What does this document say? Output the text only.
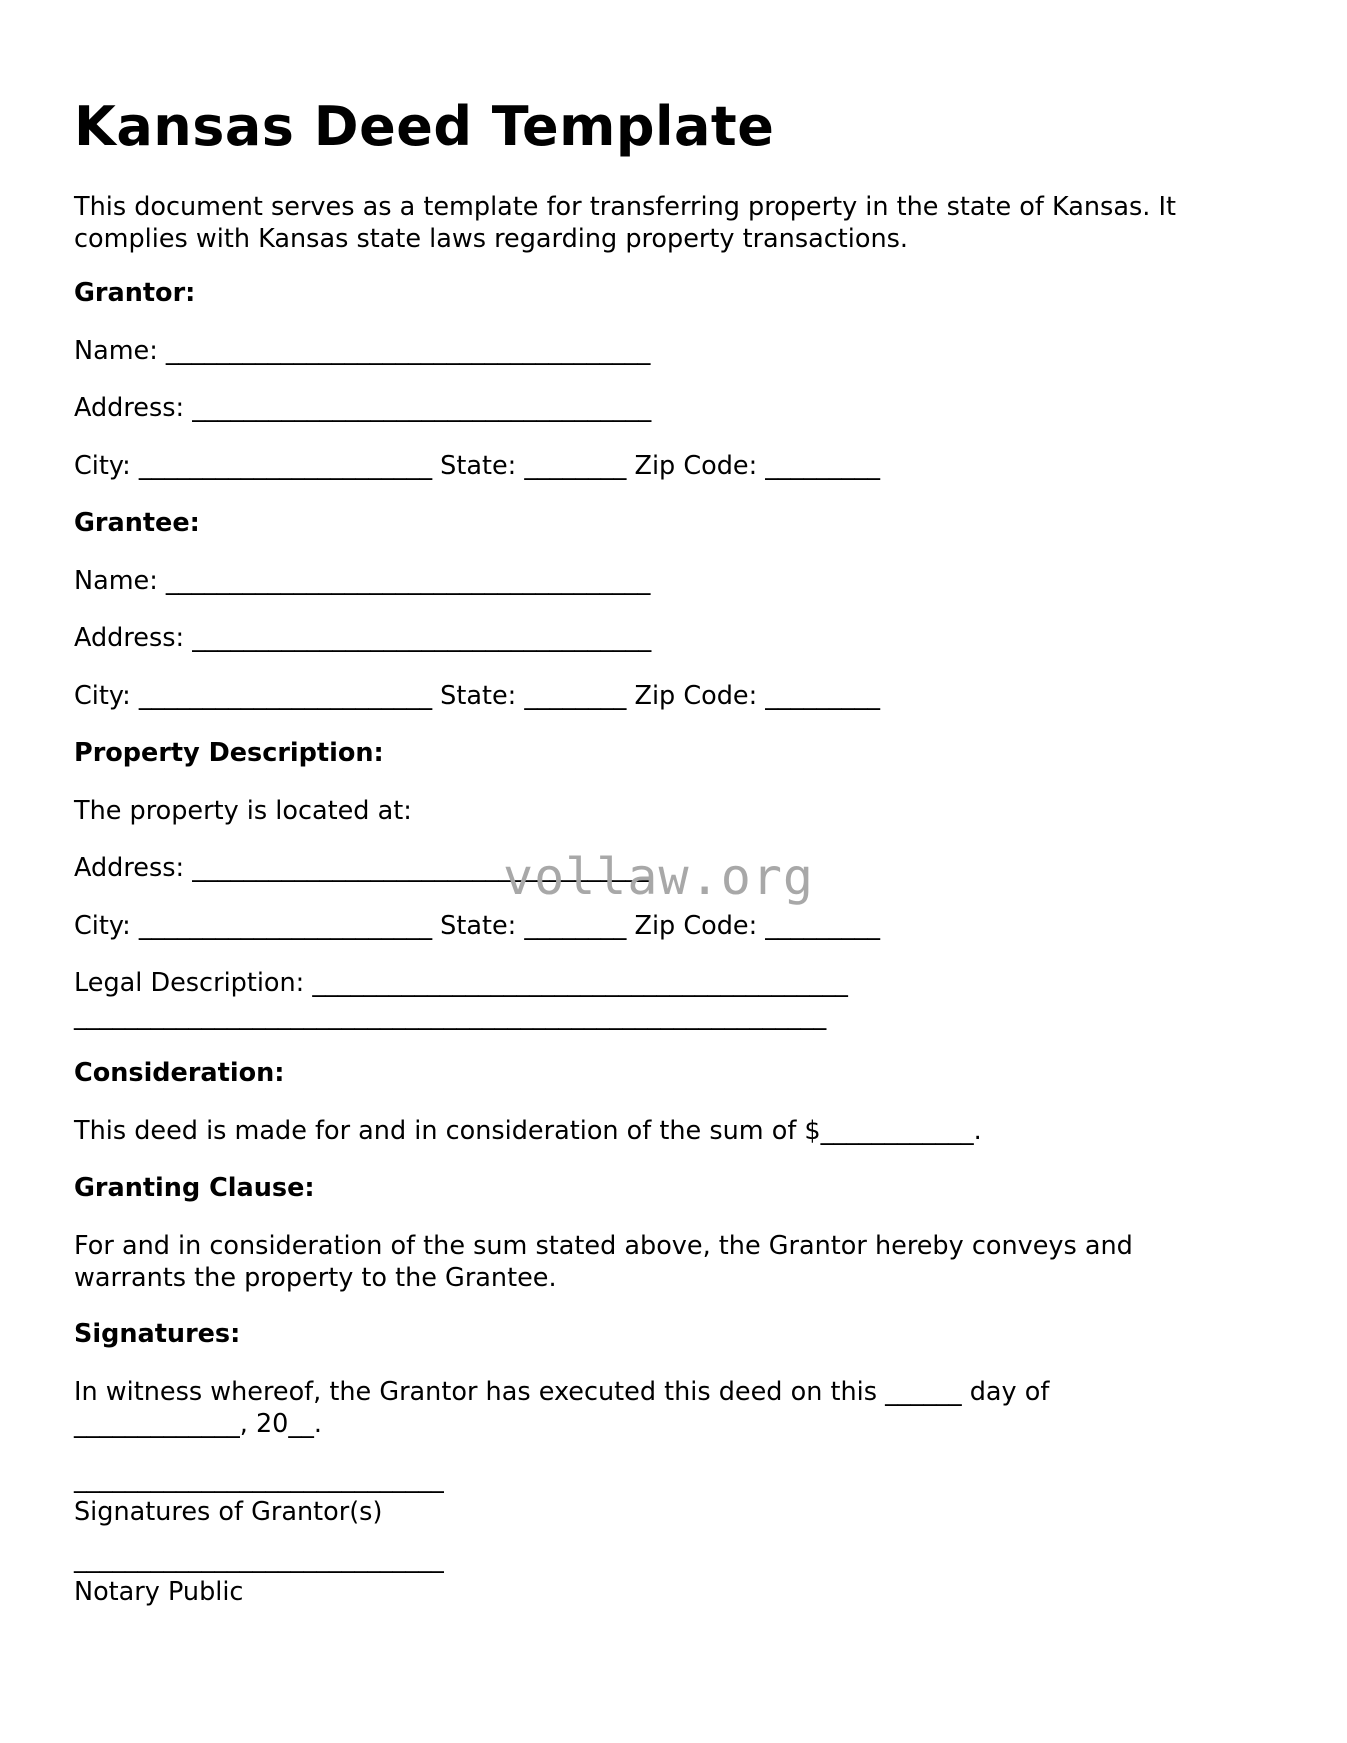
Kansas Deed Template
This document serves as a template for transferring property in the state of Kansas. It complies with Kansas state laws regarding property transactions.
Grantor:
Name: ______________________________________
Address: ____________________________________
City: _______________________ State: ________ Zip Code: _________
Grantee:
Name: ______________________________________
Address: ____________________________________
City: _______________________ State: ________ Zip Code: _________
Property Description:
The property is located at:
Address: ____________________________________
City: _______________________ State: ________ Zip Code: _________
Legal Description: __________________________________________
___________________________________________________________
Consideration:
This deed is made for and in consideration of the sum of $____________.
Granting Clause:
For and in consideration of the sum stated above, the Grantor hereby conveys and warrants the property to the Grantee.
Signatures:
In witness whereof, the Grantor has executed this deed on this ______ day of
_____________, 20__.
_____________________________
Signatures of Grantor(s)
_____________________________
Notary Public
vollaw.org
